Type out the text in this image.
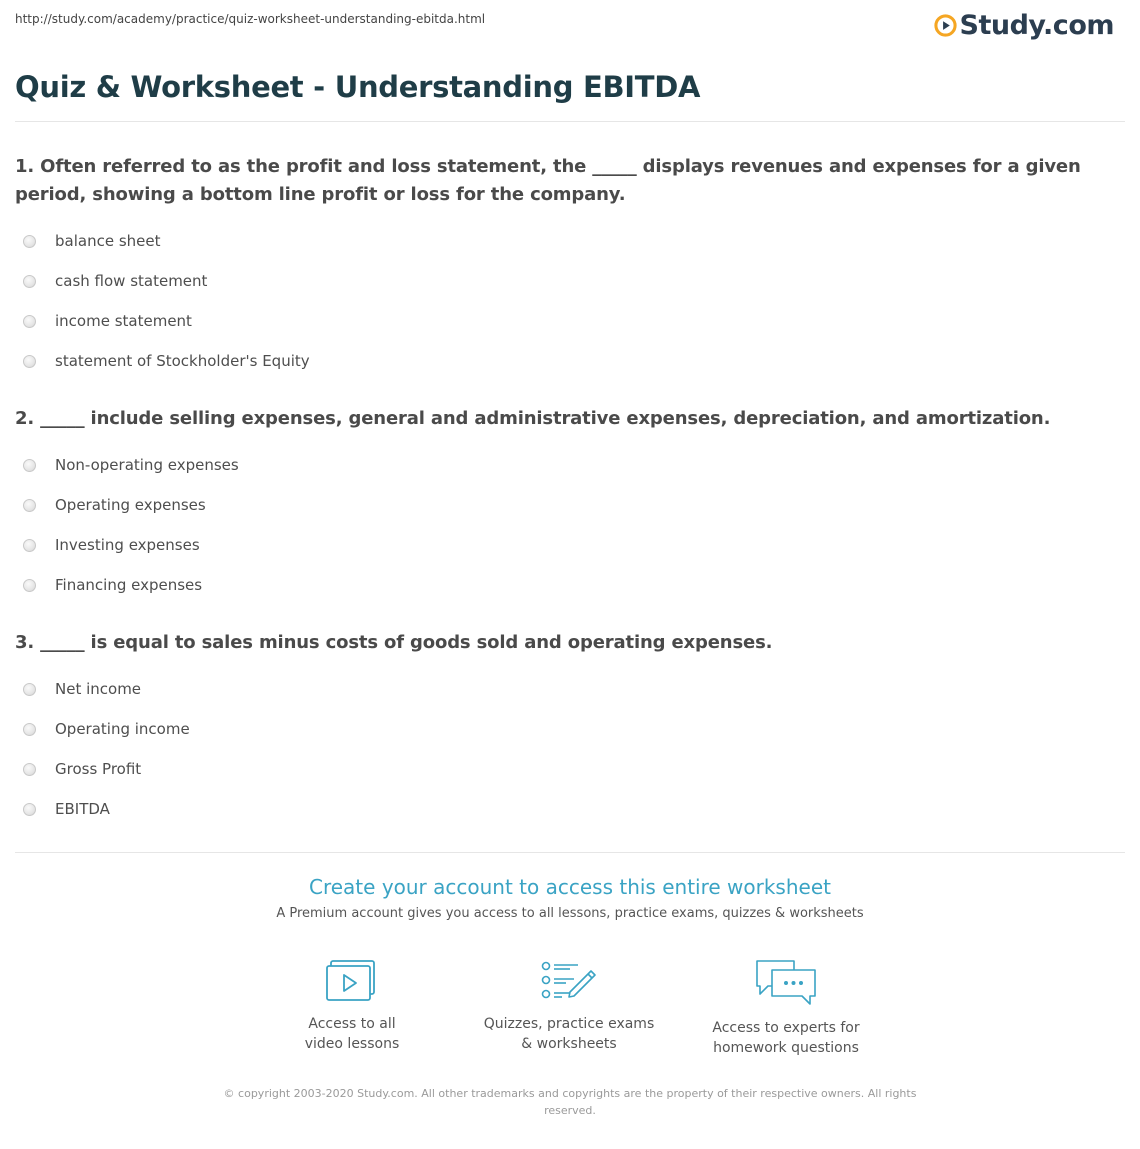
http://study.com/academy/practice/quiz-worksheet-understanding-ebitda.html	Study.com
Quiz & Worksheet - Understanding EBITDA

1. Often referred to as the profit and loss statement, the _____ displays revenues and expenses for a given period, showing a bottom line profit or loss for the company.

balance sheet
cash flow statement
income statement
statement of Stockholder's Equity

2. _____ include selling expenses, general and administrative expenses, depreciation, and amortization.

Non-operating expenses
Operating expenses
Investing expenses
Financing expenses

3. _____ is equal to sales minus costs of goods sold and operating expenses.

Net income
Operating income
Gross Profit
EBITDA
Create your account to access this entire worksheet
A Premium account gives you access to all lessons, practice exams, quizzes & worksheets
Access to all
video lessons
Quizzes, practice exams
& worksheets
Access to experts for
homework questions
© copyright 2003-2020 Study.com. All other trademarks and copyrights are the property of their respective owners. All rights reserved.
